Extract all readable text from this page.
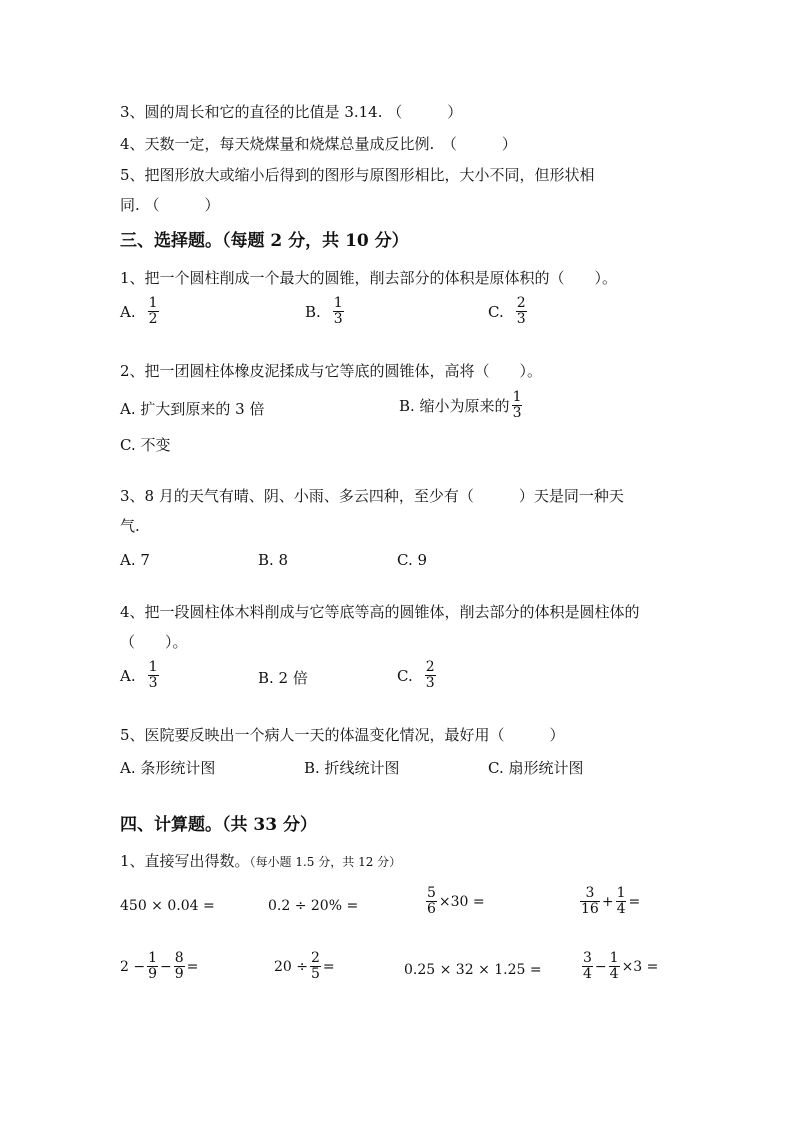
3、圆的周长和它的直径的比值是 3.14. （　　　）
4、天数一定，每天烧煤量和烧煤总量成反比例.　（　　　）
5、把图形放大或缩小后得到的图形与原图形相比，大小不同，但形状相
同. （　　　）
三、选择题。（每题 2 分，共 10 分）
1、把一个圆柱削成一个最大的圆锥，削去部分的体积是原体积的（　　）。
A. $\frac{1}{2}$	B. $\frac{1}{3}$	C. $\frac{2}{3}$
2、把一团圆柱体橡皮泥揉成与它等底的圆锥体，高将（　　）。
A. 扩大到原来的 3 倍	B. 缩小为原来的 $\frac{1}{3}$
C. 不变
3、8 月的天气有晴、阴、小雨、多云四种，至少有（　　　）天是同一种天
气.
A. 7	B. 8	C. 9
4、把一段圆柱体木料削成与它等底等高的圆锥体，削去部分的体积是圆柱体的
（　　）。
A. $\frac{1}{3}$	B. 2 倍	C. $\frac{2}{3}$
5、医院要反映出一个病人一天的体温变化情况，最好用（　　　）
A. 条形统计图	B. 折线统计图	C. 扇形统计图
四、计算题。（共 33 分）
1、直接写出得数。（每小题 1.5 分，共 12 分）
450 × 0.04 =	0.2 ÷ 20% =	$\frac{5}{6} \times 30$ =	$\frac{3}{16} + \frac{1}{4}$ =
$2 - \frac{1}{9} - \frac{8}{9}$ =	$20 \div \frac{2}{5}$ =	0.25 × 32 × 1.25 =	$\frac{3}{4} - \frac{1}{4} \times 3$ =
